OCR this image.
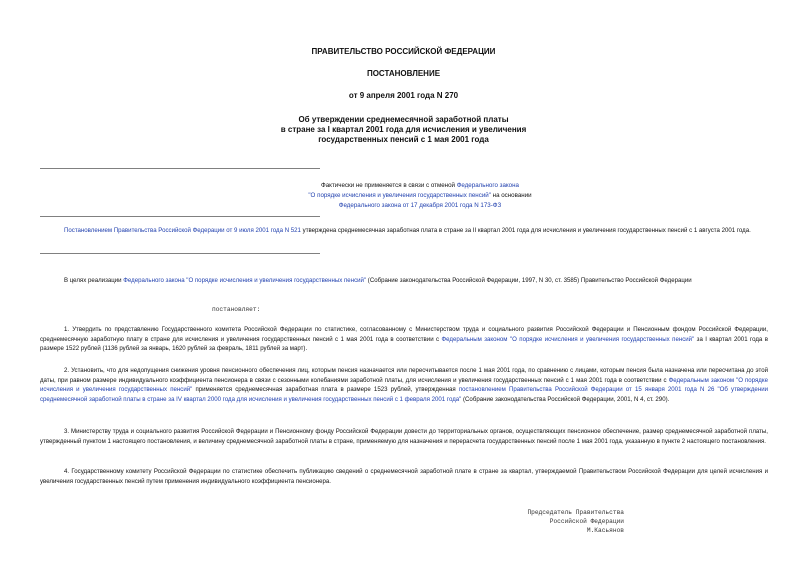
ПРАВИТЕЛЬСТВО РОССИЙСКОЙ ФЕДЕРАЦИИ
ПОСТАНОВЛЕНИЕ
от 9 апреля 2001 года N 270
Об утверждении среднемесячной заработной платы
в стране за I квартал 2001 года для исчисления и увеличения
государственных пенсий с 1 мая 2001 года
Фактически не применяется в связи с отменой Федерального закона
"О порядке исчисления и увеличения государственных пенсий" на основании
Федерального закона от 17 декабря 2001 года N 173-ФЗ
Постановлением Правительства Российской Федерации от 9 июля 2001 года N 521 утверждена среднемесячная заработная плата в стране за II квартал 2001 года для исчисления и увеличения государственных пенсий с 1 августа 2001 года.
В целях реализации Федерального закона "О порядке исчисления и увеличения государственных пенсий" (Собрание законодательства Российской Федерации, 1997, N 30, ст. 3585) Правительство Российской Федерации
постановляет:
1. Утвердить по представлению Государственного комитета Российской Федерации по статистике, согласованному с Министерством труда и социального развития Российской Федерации и Пенсионным фондом Российской Федерации, среднемесячную заработную плату в стране для исчисления и увеличения государственных пенсий с 1 мая 2001 года в соответствии с Федеральным законом "О порядке исчисления и увеличения государственных пенсий" за I квартал 2001 года в размере 1522 рублей (1136 рублей за январь, 1620 рублей за февраль, 1811 рублей за март).
2. Установить, что для недопущения снижения уровня пенсионного обеспечения лиц, которым пенсия назначается или пересчитывается после 1 мая 2001 года, по сравнению с лицами, которым пенсия была назначена или пересчитана до этой даты, при равном размере индивидуального коэффициента пенсионера в связи с сезонными колебаниями заработной платы, для исчисления и увеличения государственных пенсий с 1 мая 2001 года в соответствии с Федеральным законом "О порядке исчисления и увеличения государственных пенсий" применяется среднемесячная заработная плата в размере 1523 рублей, утвержденная постановлением Правительства Российской Федерации от 15 января 2001 года N 26 "Об утверждении среднемесячной заработной платы в стране за IV квартал 2000 года для исчисления и увеличения государственных пенсий с 1 февраля 2001 года" (Собрание законодательства Российской Федерации, 2001, N 4, ст. 290).
3. Министерству труда и социального развития Российской Федерации и Пенсионному фонду Российской Федерации довести до территориальных органов, осуществляющих пенсионное обеспечение, размер среднемесячной заработной платы, утвержденный пунктом 1 настоящего постановления, и величину среднемесячной заработной платы в стране, применяемую для назначения и перерасчета государственных пенсий после 1 мая 2001 года, указанную в пункте 2 настоящего постановления.
4. Государственному комитету Российской Федерации по статистике обеспечить публикацию сведений о среднемесячной заработной плате в стране за квартал, утверждаемой Правительством Российской Федерации для целей исчисления и увеличения государственных пенсий путем применения индивидуального коэффициента пенсионера.
Председатель Правительства
Российской Федерации
М.Касьянов
